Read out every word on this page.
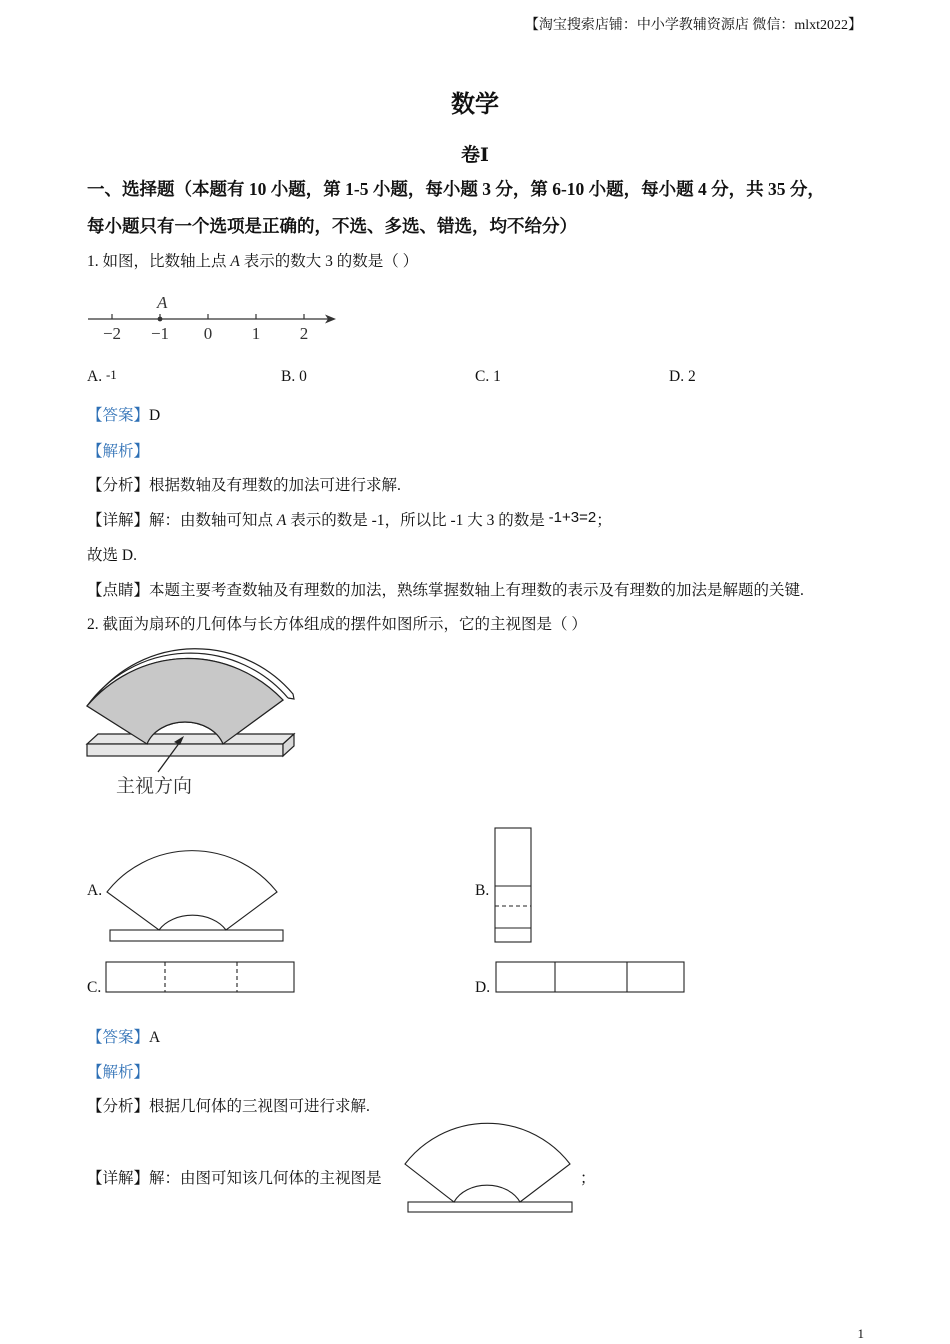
【淘宝搜索店铺：中小学教辅资源店 微信：mlxt2022】
数学
卷Ⅰ
一、选择题（本题有 10 小题，第 1-5 小题，每小题 3 分，第 6-10 小题，每小题 4 分，共 35 分，
每小题只有一个选项是正确的，不选、多选、错选，均不给分）
1. 如图，比数轴上点 A 表示的数大 3 的数是（ ）
A
−2 −1 0 1 2
A. -1	B. 0	C. 1	D. 2
【答案】D
【解析】
【分析】根据数轴及有理数的加法可进行求解.
【详解】解：由数轴可知点 A 表示的数是 -1，所以比 -1 大 3 的数是 -1+3=2；
故选 D.
【点睛】本题主要考查数轴及有理数的加法，熟练掌握数轴上有理数的表示及有理数的加法是解题的关键.
2. 截面为扇环的几何体与长方体组成的摆件如图所示，它的主视图是（ ）
主视方向
A.	B.
C.	D.
【答案】A
【解析】
【分析】根据几何体的三视图可进行求解.
【详解】解：由图可知该几何体的主视图是	；
1
